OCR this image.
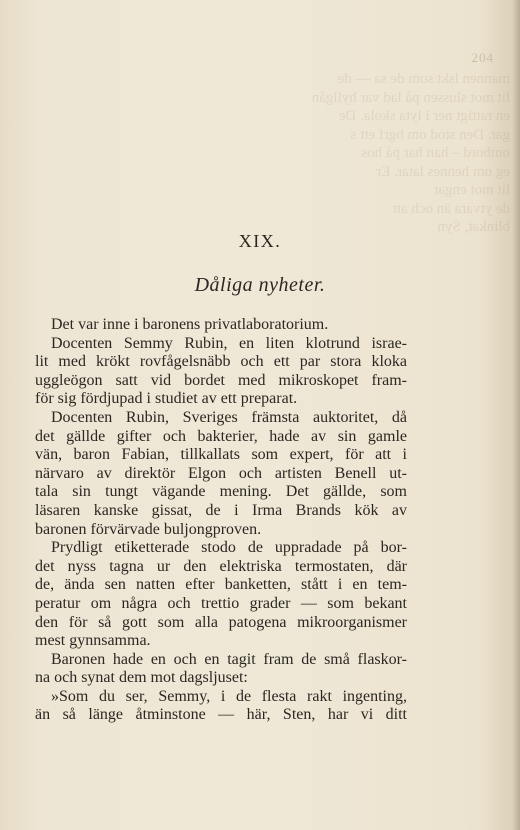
204
mannen lskt som de sa — de
lit mot slussen på lad var hyllgån
en rattigt ner i lyta skola. De
gar. Den stod om bgrf ett s
ombord – han har på hos
eg om hennes latar. Er
lit mot engar
de ytvara än och att
blinkat, Syn
XIX.
Dåliga nyheter.
Det var inne i baronens privatlaboratorium.
Docenten Semmy Rubin, en liten klotrund israe-
lit med krökt rovfågelsnäbb och ett par stora kloka
uggleögon satt vid bordet med mikroskopet fram-
för sig fördjupad i studiet av ett preparat.
Docenten Rubin, Sveriges främsta auktoritet, då
det gällde gifter och bakterier, hade av sin gamle
vän, baron Fabian, tillkallats som expert, för att i
närvaro av direktör Elgon och artisten Benell ut-
tala sin tungt vägande mening. Det gällde, som
läsaren kanske gissat, de i Irma Brands kök av
baronen förvärvade buljongproven.
Prydligt etiketterade stodo de uppradade på bor-
det nyss tagna ur den elektriska termostaten, där
de, ända sen natten efter banketten, stått i en tem-
peratur om några och trettio grader — som bekant
den för så gott som alla patogena mikroorganismer
mest gynnsamma.
Baronen hade en och en tagit fram de små flaskor-
na och synat dem mot dagsljuset:
»Som du ser, Semmy, i de flesta rakt ingenting,
än så länge åtminstone — här, Sten, har vi ditt
